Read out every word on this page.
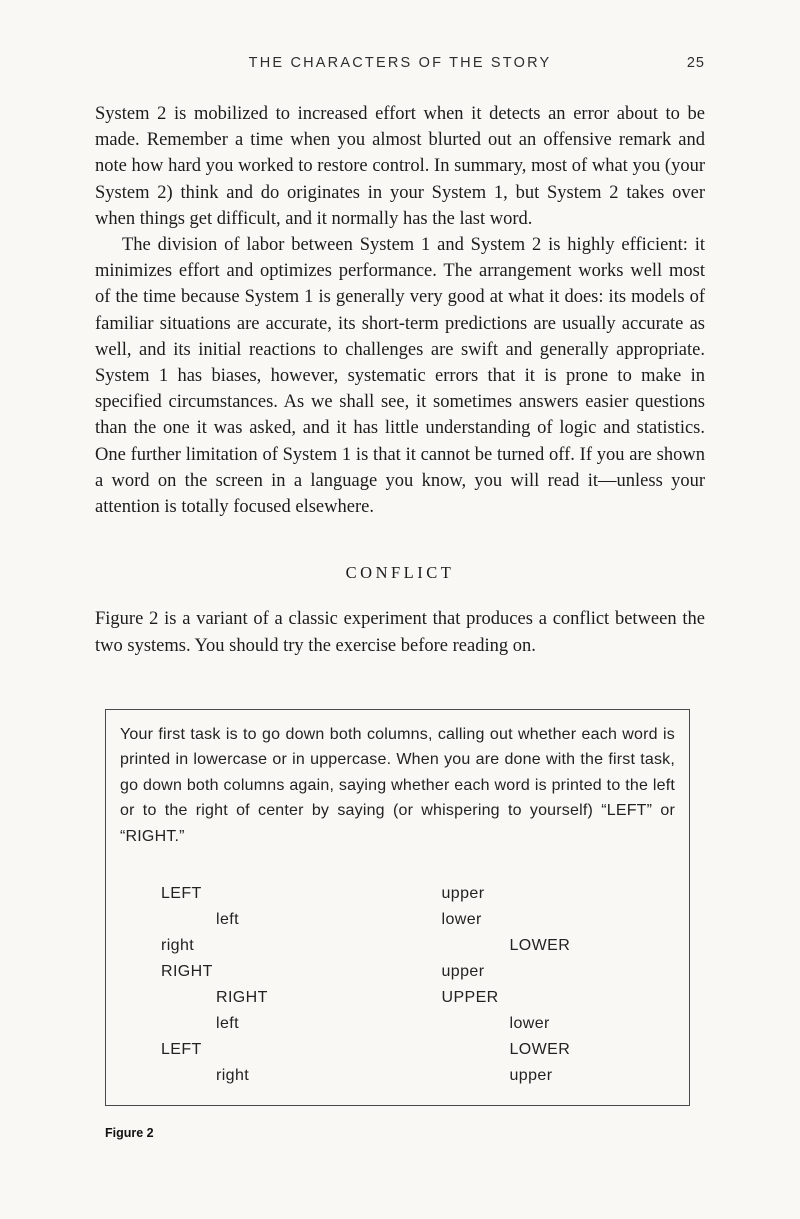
THE CHARACTERS OF THE STORY	25

System 2 is mobilized to increased effort when it detects an error about to be made. Remember a time when you almost blurted out an offensive remark and note how hard you worked to restore control. In summary, most of what you (your System 2) think and do originates in your System 1, but System 2 takes over when things get difficult, and it normally has the last word.

The division of labor between System 1 and System 2 is highly efficient: it minimizes effort and optimizes performance. The arrangement works well most of the time because System 1 is generally very good at what it does: its models of familiar situations are accurate, its short-term predictions are usually accurate as well, and its initial reactions to challenges are swift and generally appropriate. System 1 has biases, however, systematic errors that it is prone to make in specified circumstances. As we shall see, it sometimes answers easier questions than the one it was asked, and it has little understanding of logic and statistics. One further limitation of System 1 is that it cannot be turned off. If you are shown a word on the screen in a language you know, you will read it—unless your attention is totally focused elsewhere.

CONFLICT

Figure 2 is a variant of a classic experiment that produces a conflict between the two systems. You should try the exercise before reading on.

Your first task is to go down both columns, calling out whether each word is printed in lowercase or in uppercase. When you are done with the first task, go down both columns again, saying whether each word is printed to the left or to the right of center by saying (or whispering to yourself) “LEFT” or “RIGHT.”

LEFT	upper
left	lower
right	LOWER
RIGHT	upper
RIGHT	UPPER
left	lower
LEFT	LOWER
right	upper
Figure 2
